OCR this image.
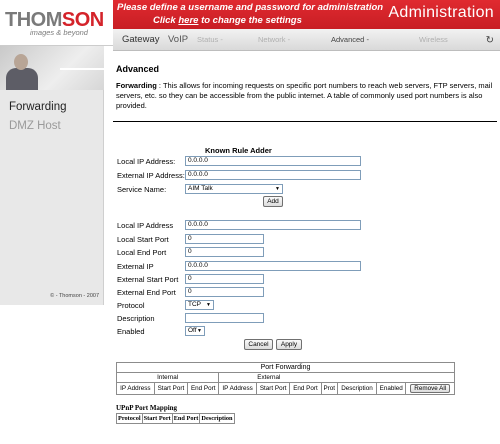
THOMSON
images & beyond
Please define a username and password for administration
Click here to change the settings	Administration
Gateway VoIP Status -	Network -	Advanced -	Wireless	↻
Forwarding
DMZ Host
© - Thomson - 2007
Advanced
Forwarding : This allows for incoming requests on specific port numbers to reach web servers, FTP servers, mail servers, etc. so they can be accessible from the public internet. A table of commonly used port numbers is also provided.
Known Rule Adder
Local IP Address:	0.0.0.0
External IP Address: 0.0.0.0
Service Name:	AIM Talk	▼
Add
Local IP Address	0.0.0.0
Local Start Port	0
Local End Port	0
External IP	0.0.0.0
External Start Port	0
External End Port	0
Protocol	TCP ▼
Description
Enabled	Off ▼
Cancel	Apply
Port Forwarding									
Internal			External						
IP Address	Start Port	End Port	IP Address	Start Port	End Port	Prot	Description	Enabled	Remove All
UPnP Port Mapping
Protocol	Start Port	End Port	Description
